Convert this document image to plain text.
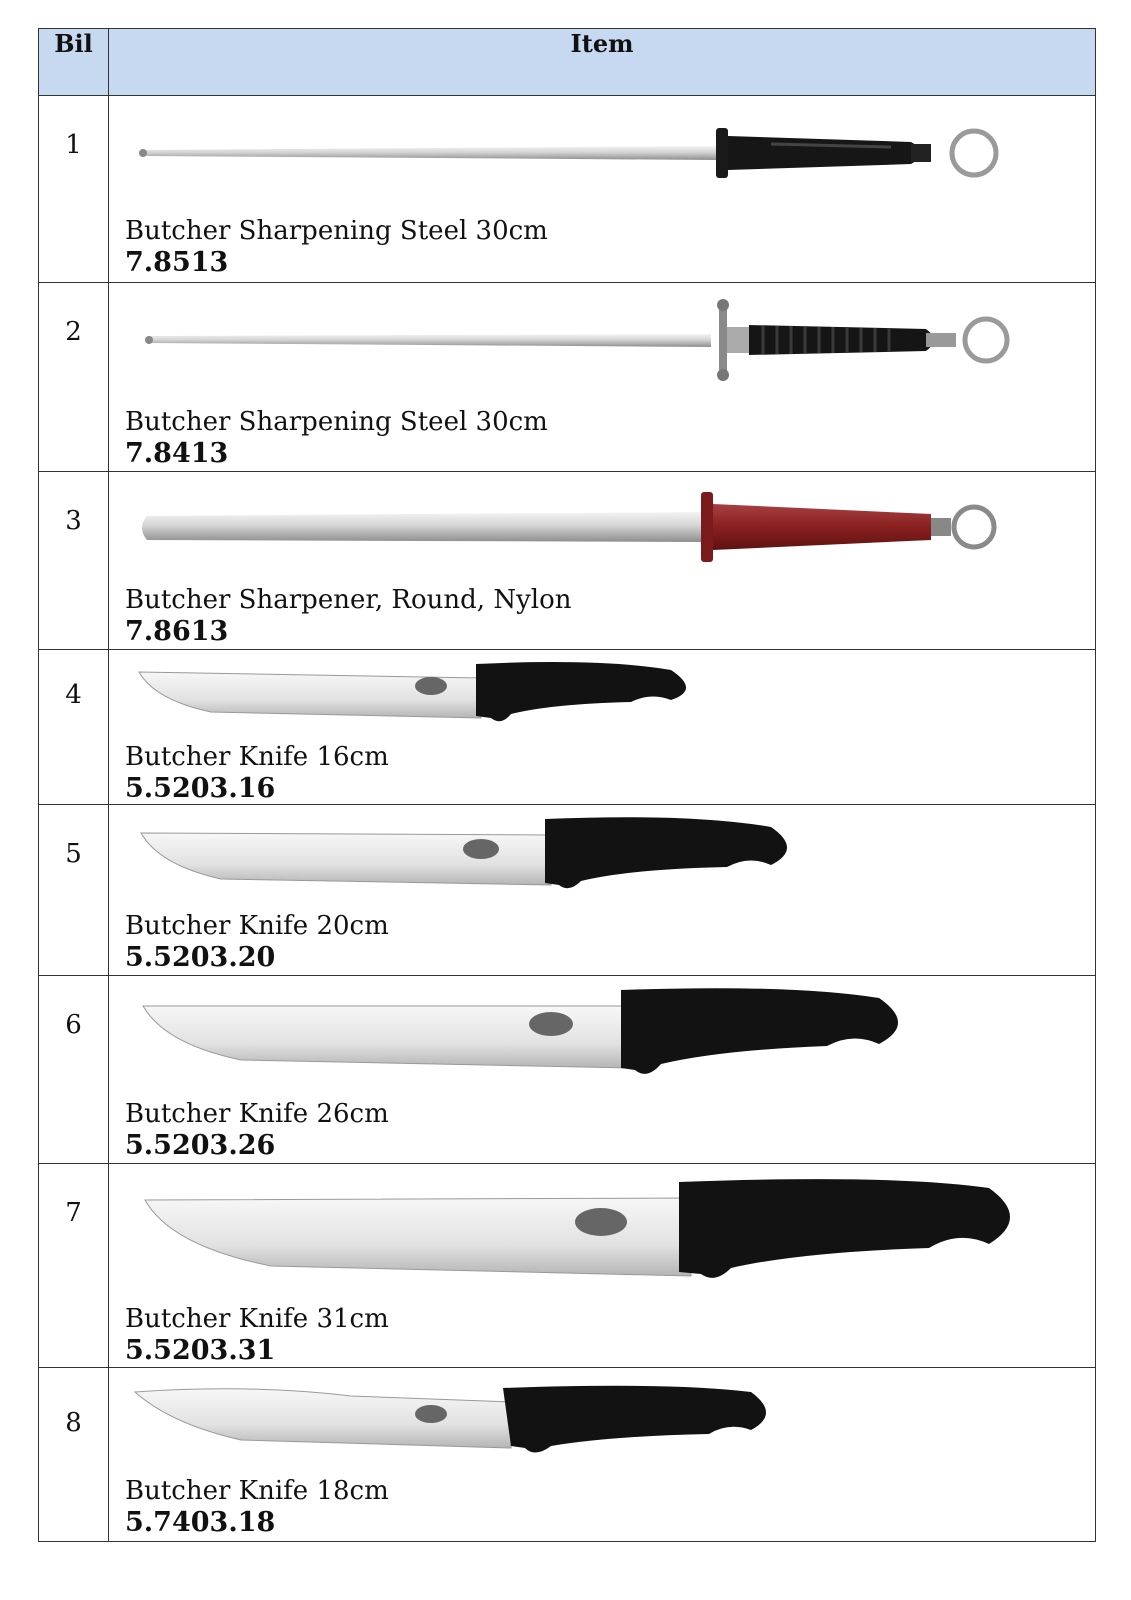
Bil	Item

1	Butcher Sharpening Steel 30cm
7.8513

2	Butcher Sharpening Steel 30cm
7.8413

3	Butcher Sharpener, Round, Nylon
7.8613

4	Butcher Knife 16cm
5.5203.16

5	Butcher Knife 20cm
5.5203.20

6	Butcher Knife 26cm
5.5203.26

7	Butcher Knife 31cm
5.5203.31

8	Butcher Knife 18cm
5.7403.18
